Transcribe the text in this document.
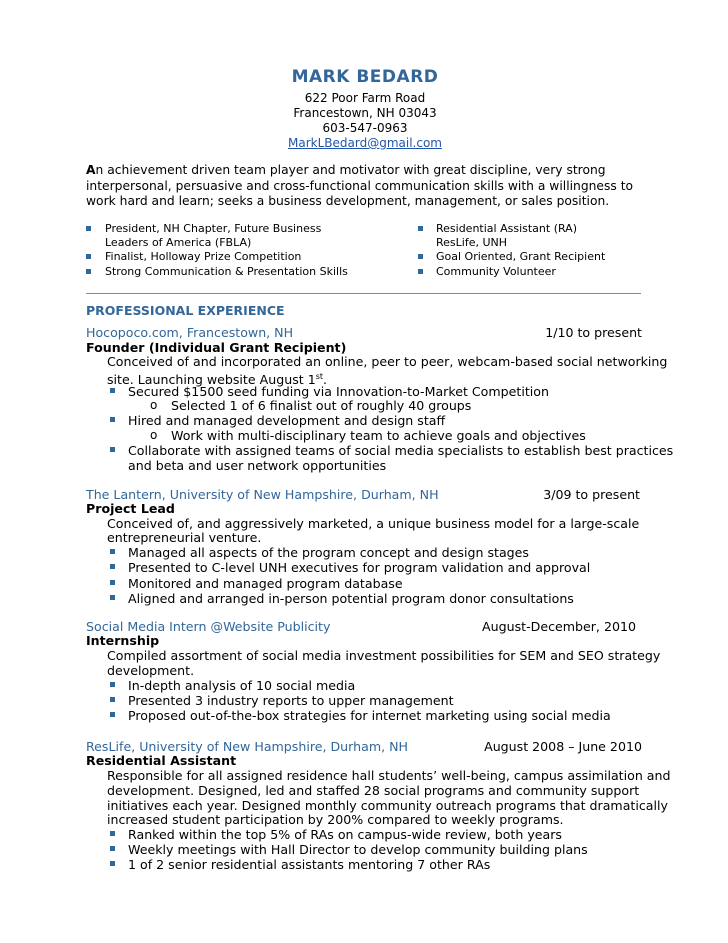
MARK BEDARD
622 Poor Farm Road
Francestown, NH 03043
603-547-0963
MarkLBedard@gmail.com
An achievement driven team player and motivator with great discipline, very strong interpersonal, persuasive and cross-functional communication skills with a willingness to work hard and learn; seeks a business development, management, or sales position.
President, NH Chapter, Future Business
Leaders of America (FBLA)
Finalist, Holloway Prize Competition
Strong Communication & Presentation Skills
Residential Assistant (RA)
ResLife, UNH
Goal Oriented, Grant Recipient
Community Volunteer
PROFESSIONAL EXPERIENCE
Hocopoco.com, Francestown, NH	1/10 to present
Founder (Individual Grant Recipient)
Conceived of and incorporated an online, peer to peer, webcam-based social networking
site. Launching website August 1st.
Secured $1500 seed funding via Innovation-to-Market Competition
o Selected 1 of 6 finalist out of roughly 40 groups
Hired and managed development and design staff
o Work with multi-disciplinary team to achieve goals and objectives
Collaborate with assigned teams of social media specialists to establish best practices
and beta and user network opportunities
The Lantern, University of New Hampshire, Durham, NH	3/09 to present
Project Lead
Conceived of, and aggressively marketed, a unique business model for a large-scale
entrepreneurial venture.
Managed all aspects of the program concept and design stages
Presented to C-level UNH executives for program validation and approval
Monitored and managed program database
Aligned and arranged in-person potential program donor consultations
Social Media Intern @Website Publicity	August-December, 2010
Internship
Compiled assortment of social media investment possibilities for SEM and SEO strategy
development.
In-depth analysis of 10 social media
Presented 3 industry reports to upper management
Proposed out-of-the-box strategies for internet marketing using social media
ResLife, University of New Hampshire, Durham, NH	August 2008 – June 2010
Residential Assistant
Responsible for all assigned residence hall students’ well-being, campus assimilation and
development. Designed, led and staffed 28 social programs and community support
initiatives each year. Designed monthly community outreach programs that dramatically
increased student participation by 200% compared to weekly programs.
Ranked within the top 5% of RAs on campus-wide review, both years
Weekly meetings with Hall Director to develop community building plans
1 of 2 senior residential assistants mentoring 7 other RAs
